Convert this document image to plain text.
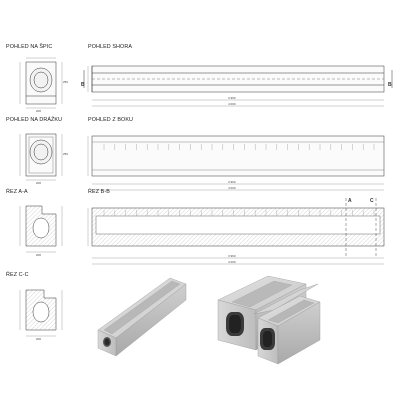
POHLED NA ŠPIC	POHLED SHORA
POHLED NA DRÁŽKU	POHLED Z BOKU
ŘEZ A-A	ŘEZ B-B
ŘEZ C-C
B	B
A	C
3 960
4 000
3 960
4 000
3 960
4 000
200
200
200
200
250
250
